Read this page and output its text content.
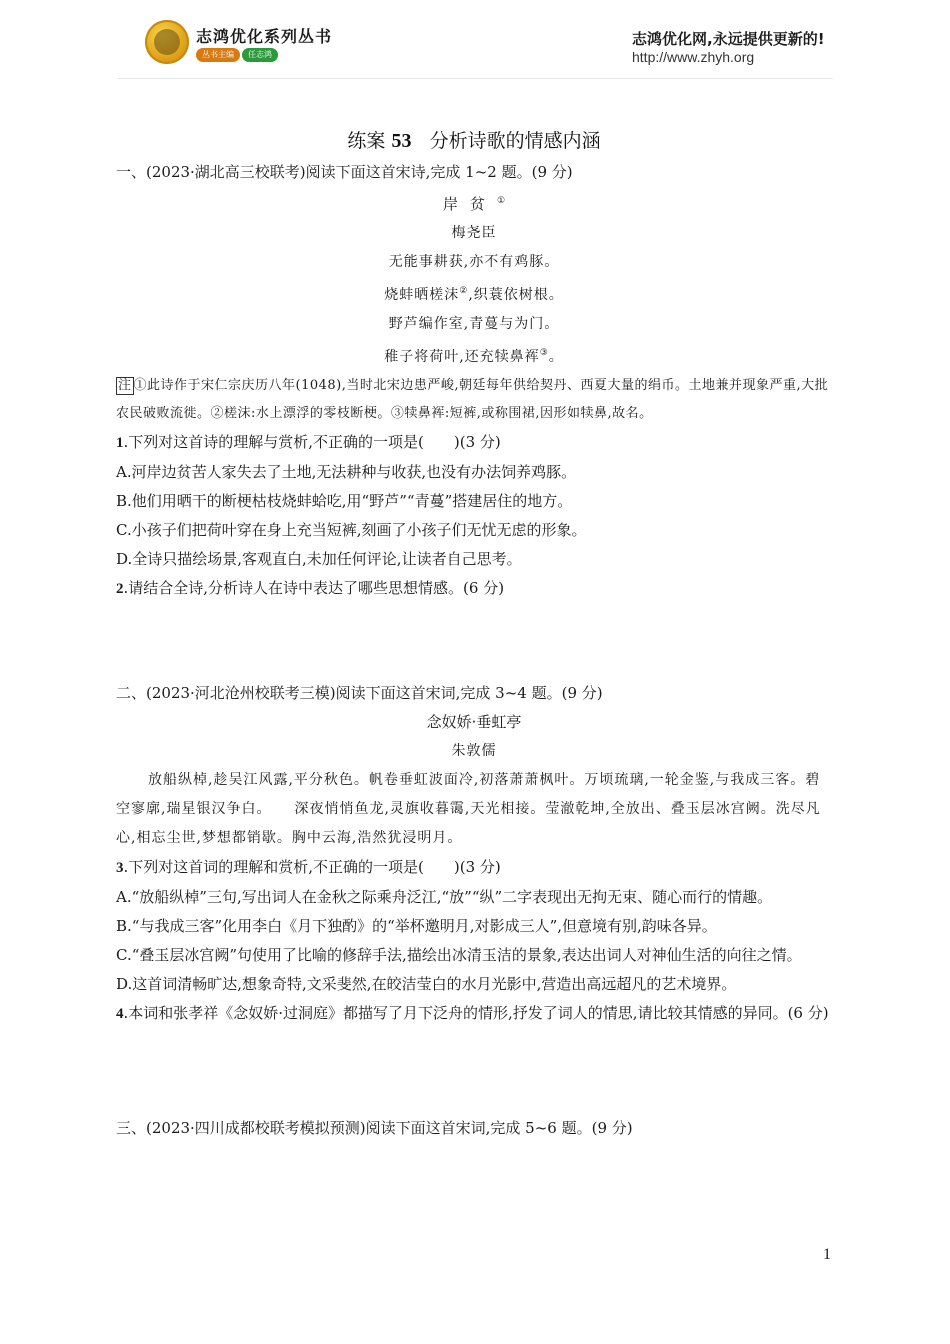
志鸿优化系列丛书
丛书主编	任志鸿
志鸿优化网,永远提供更新的!
http://www.zhyh.org
练案 53 分析诗歌的情感内涵
一、(2023·湖北高三校联考)阅读下面这首宋诗,完成 1~2 题。(9 分)
岸贫①
梅尧臣
无能事耕获,亦不有鸡豚。
烧蚌晒槎沫②,织蓑依树根。
野芦编作室,青蔓与为门。
稚子将荷叶,还充犊鼻裈③。
注 ①此诗作于宋仁宗庆历八年(1048),当时北宋边患严峻,朝廷每年供给契丹、西夏大量的绢币。土地兼并现象严重,大批农民破败流徙。②槎沫:水上漂浮的零枝断梗。③犊鼻裈:短裤,或称围裙,因形如犊鼻,故名。
1.下列对这首诗的理解与赏析,不正确的一项是(　　)(3 分)
A.河岸边贫苦人家失去了土地,无法耕种与收获,也没有办法饲养鸡豚。
B.他们用晒干的断梗枯枝烧蚌蛤吃,用“野芦”“青蔓”搭建居住的地方。
C.小孩子们把荷叶穿在身上充当短裤,刻画了小孩子们无忧无虑的形象。
D.全诗只描绘场景,客观直白,未加任何评论,让读者自己思考。
2.请结合全诗,分析诗人在诗中表达了哪些思想情感。(6 分)
二、(2023·河北沧州校联考三模)阅读下面这首宋词,完成 3~4 题。(9 分)
念奴娇·垂虹亭
朱敦儒
放船纵棹,趁吴江风露,平分秋色。帆卷垂虹波面冷,初落萧萧枫叶。万顷琉璃,一轮金鉴,与我成三客。碧空寥廓,瑞星银汉争白。　　深夜悄悄鱼龙,灵旗收暮霭,天光相接。莹澈乾坤,全放出、叠玉层冰宫阙。洗尽凡心,相忘尘世,梦想都销歇。胸中云海,浩然犹浸明月。
3.下列对这首词的理解和赏析,不正确的一项是(　　)(3 分)
A.“放船纵棹”三句,写出词人在金秋之际乘舟泛江,“放”“纵”二字表现出无拘无束、随心而行的情趣。
B.“与我成三客”化用李白《月下独酌》的“举杯邀明月,对影成三人”,但意境有别,韵味各异。
C.“叠玉层冰宫阙”句使用了比喻的修辞手法,描绘出冰清玉洁的景象,表达出词人对神仙生活的向往之情。
D.这首词清畅旷达,想象奇特,文采斐然,在皎洁莹白的水月光影中,营造出高远超凡的艺术境界。
4.本词和张孝祥《念奴娇·过洞庭》都描写了月下泛舟的情形,抒发了词人的情思,请比较其情感的异同。(6 分)
三、(2023·四川成都校联考模拟预测)阅读下面这首宋词,完成 5~6 题。(9 分)
1
